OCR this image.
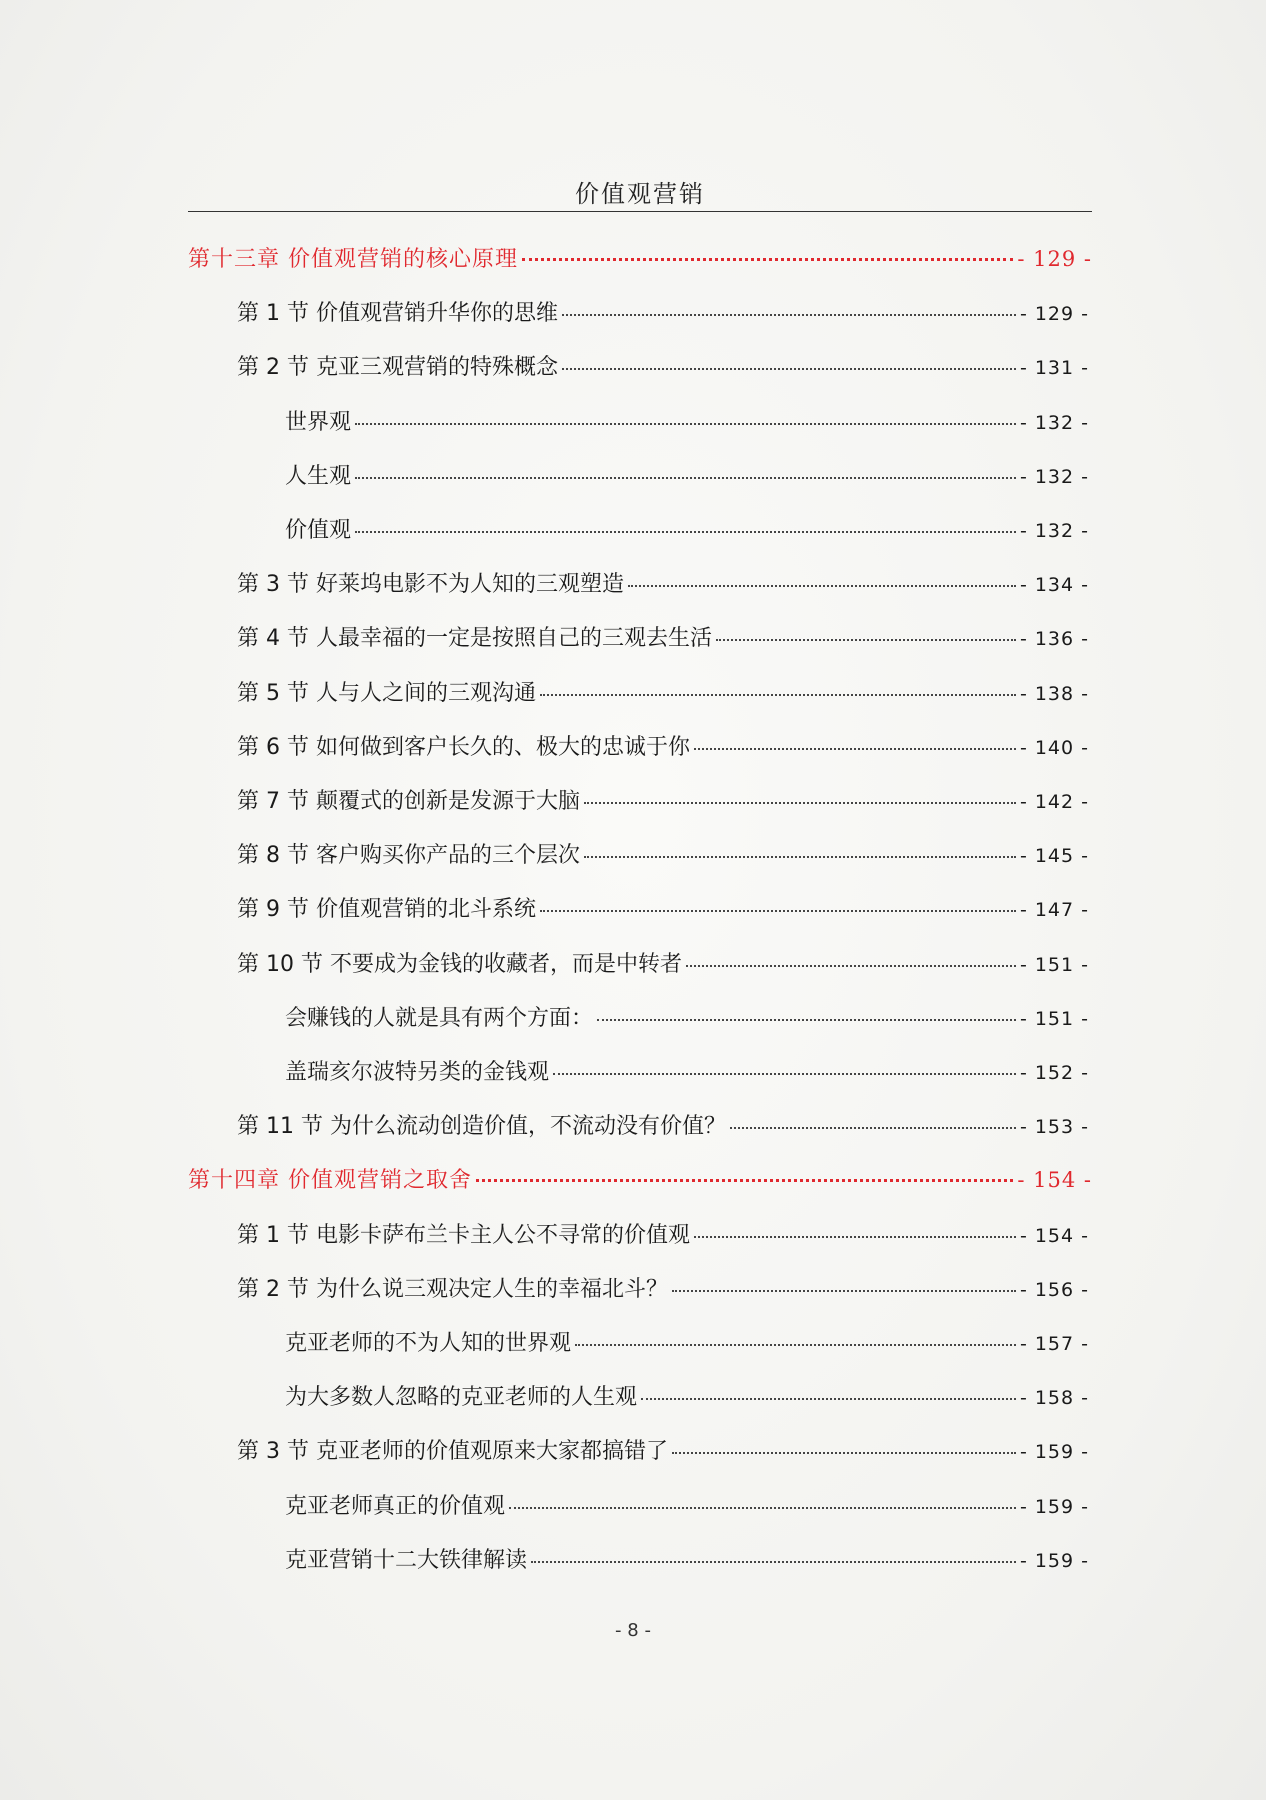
价值观营销
第十三章 价值观营销的核心原理	- 129 -
第 1 节 价值观营销升华你的思维	- 129 -
第 2 节 克亚三观营销的特殊概念	- 131 -
世界观	- 132 -
人生观	- 132 -
价值观	- 132 -
第 3 节 好莱坞电影不为人知的三观塑造	- 134 -
第 4 节 人最幸福的一定是按照自己的三观去生活	- 136 -
第 5 节 人与人之间的三观沟通	- 138 -
第 6 节 如何做到客户长久的、极大的忠诚于你	- 140 -
第 7 节 颠覆式的创新是发源于大脑	- 142 -
第 8 节 客户购买你产品的三个层次	- 145 -
第 9 节 价值观营销的北斗系统	- 147 -
第 10 节 不要成为金钱的收藏者，而是中转者	- 151 -
会赚钱的人就是具有两个方面：	- 151 -
盖瑞亥尔波特另类的金钱观	- 152 -
第 11 节 为什么流动创造价值，不流动没有价值？	- 153 -
第十四章 价值观营销之取舍	- 154 -
第 1 节 电影卡萨布兰卡主人公不寻常的价值观	- 154 -
第 2 节 为什么说三观决定人生的幸福北斗？	- 156 -
克亚老师的不为人知的世界观	- 157 -
为大多数人忽略的克亚老师的人生观	- 158 -
第 3 节 克亚老师的价值观原来大家都搞错了	- 159 -
克亚老师真正的价值观	- 159 -
克亚营销十二大铁律解读	- 159 -
- 8 -
